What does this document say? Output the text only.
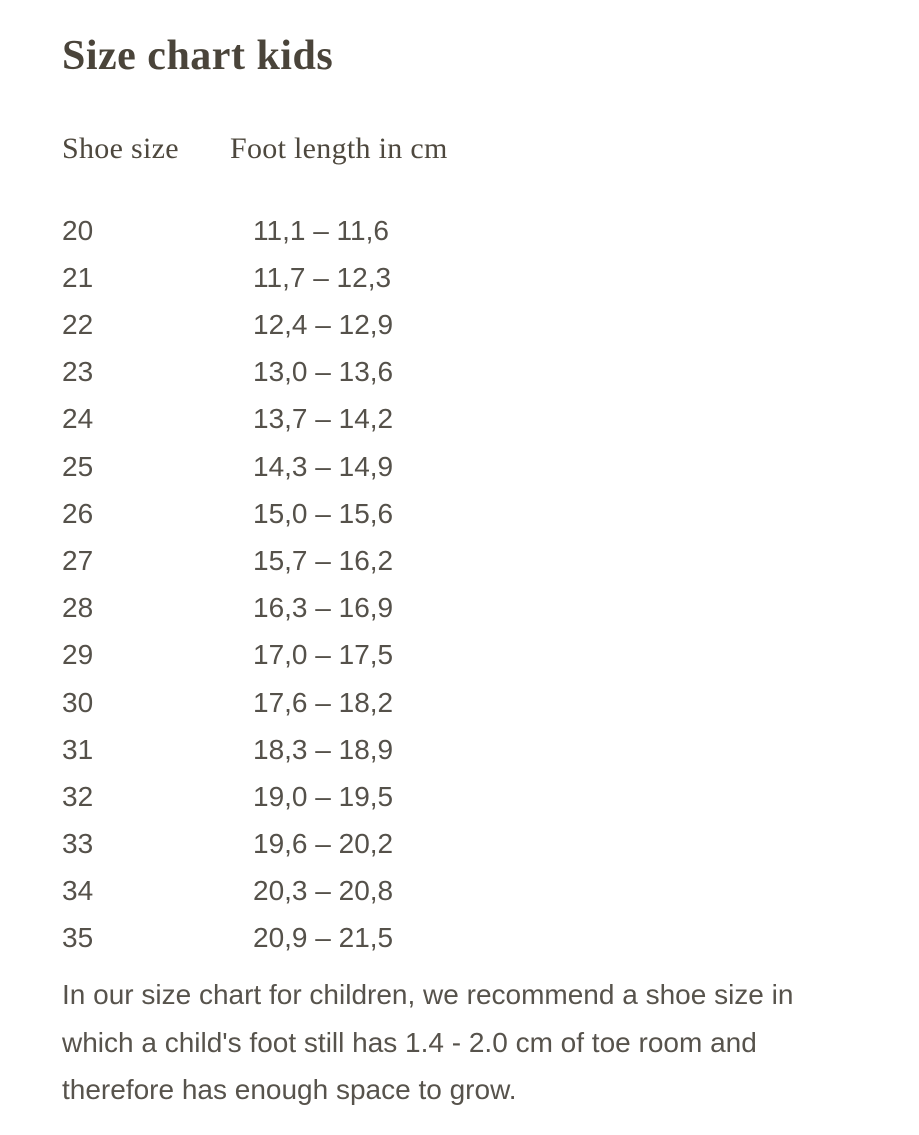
Size chart kids
Shoe size	Foot length in cm
20	11,1 – 11,6
21	11,7 – 12,3
22	12,4 – 12,9
23	13,0 – 13,6
24	13,7 – 14,2
25	14,3 – 14,9
26	15,0 – 15,6
27	15,7 – 16,2
28	16,3 – 16,9
29	17,0 – 17,5
30	17,6 – 18,2
31	18,3 – 18,9
32	19,0 – 19,5
33	19,6 – 20,2
34	20,3 – 20,8
35	20,9 – 21,5

In our size chart for children, we recommend a shoe size in which a child's foot still has 1.4 - 2.0 cm of toe room and therefore has enough space to grow.
